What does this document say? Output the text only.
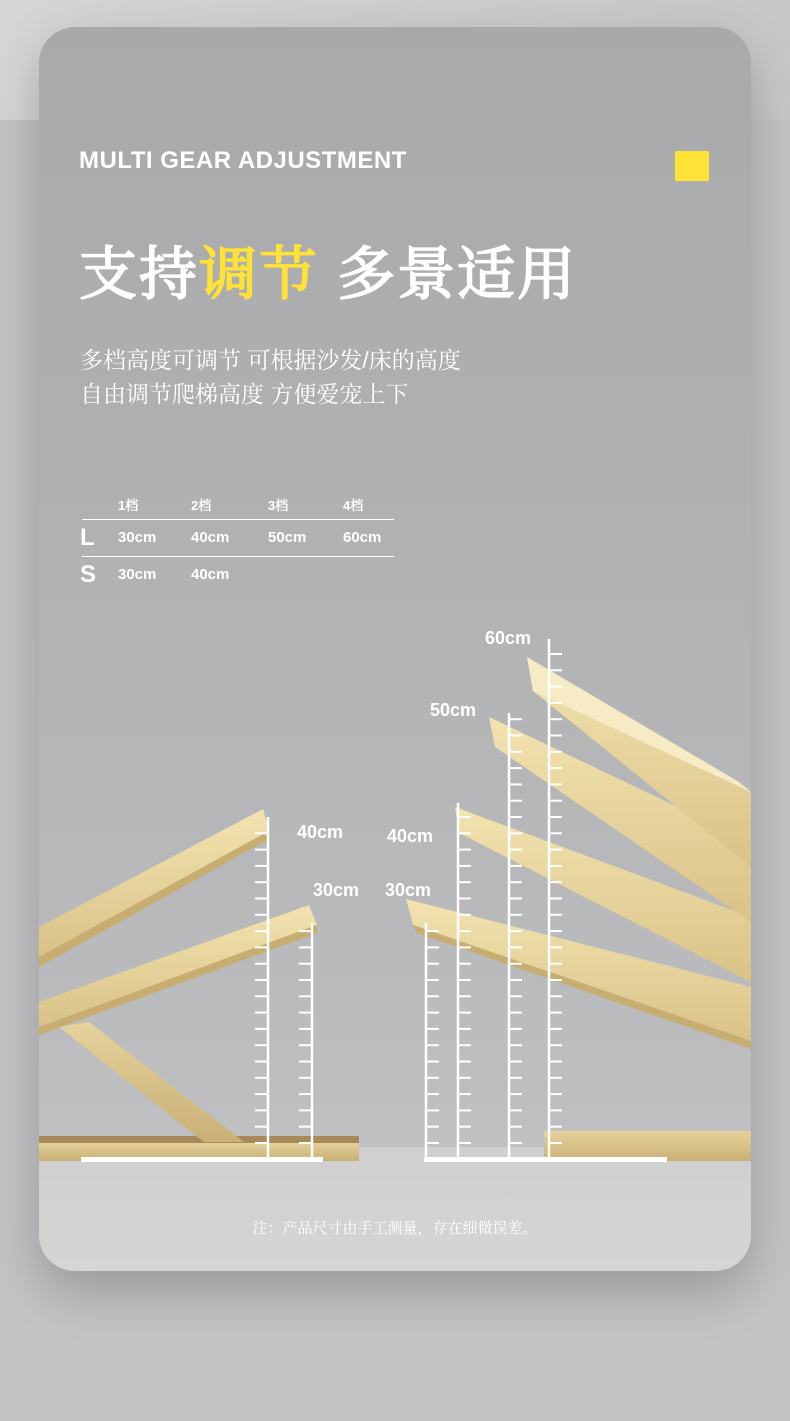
40cm
30cm
60cm
50cm
40cm
30cm
MULTI GEAR ADJUSTMENT
支持调节 多景适用
多档高度可调节 可根据沙发/床的高度
自由调节爬梯高度 方便爱宠上下
1档	2档	3档	4档
L 30cm 40cm	50cm 60cm
S 30cm 40cm
注：产品尺寸由手工测量，存在细微误差。
